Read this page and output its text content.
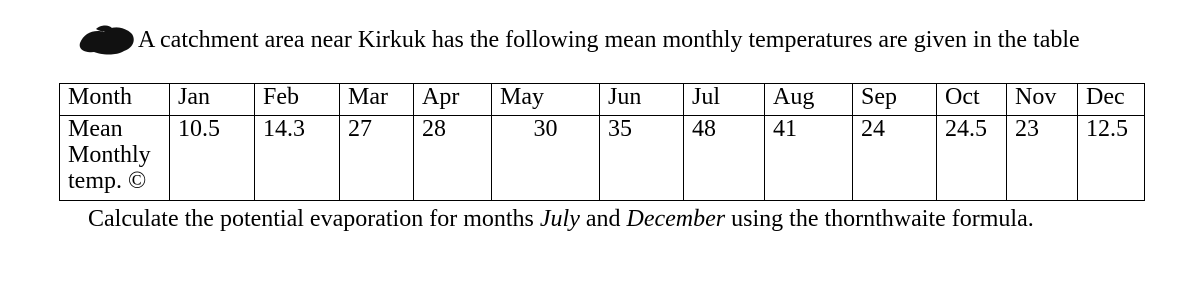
A catchment area near Kirkuk has the following mean monthly temperatures are given in the table
Month	Jan	Feb	Mar	Apr	May	Jun	Jul	Aug	Sep	Oct	Nov	Dec

Mean
Monthly
temp. ©	10.5	14.3	27	28	30	35	48	41	24	24.5	23	12.5
Calculate the potential evaporation for months July and December using the thornthwaite formula.
